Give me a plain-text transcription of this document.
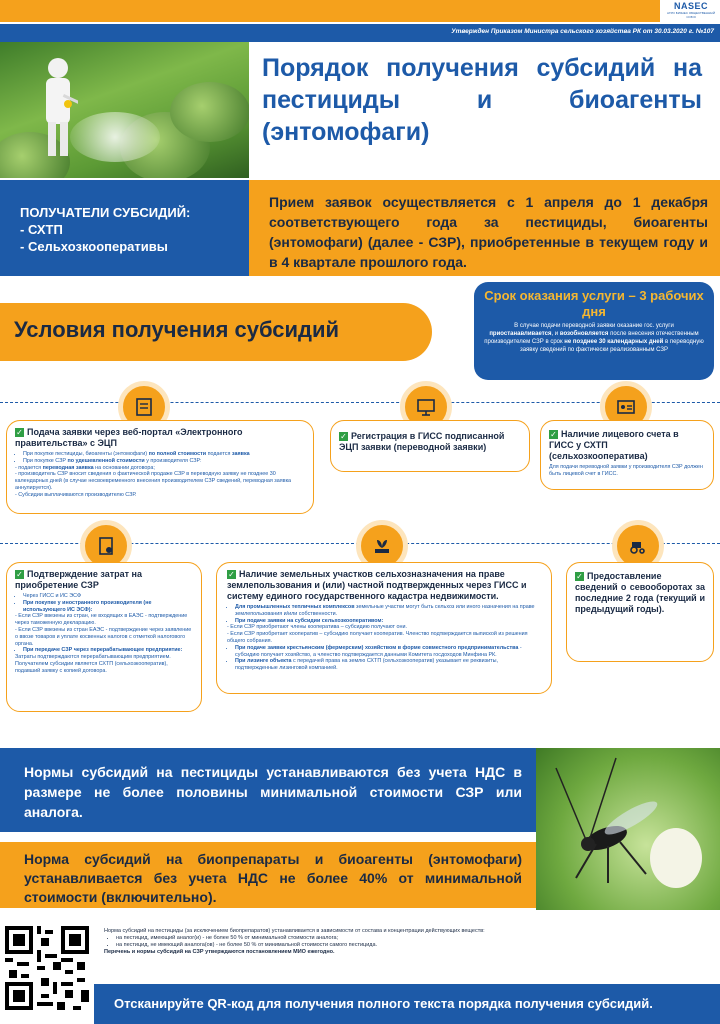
NASEC
АГРО БИЗНЕС ОБЩЕСТВЕННЫЙ СОЮЗ
Утвержден Приказом Министра сельского хозяйства РК от 30.03.2020 г. №107
Порядок получения субсидий на пестициды и биоагенты (энтомофаги)

ПОЛУЧАТЕЛИ СУБСИДИЙ:

- СХТП

- Сельхозкооперативы

Прием заявок осуществляется с 1 апреля до 1 декабря соответствующего года за пестициды, биоагенты (энтомофаги) (далее - СЗР), приобретенные в текущем году и в 4 квартале прошлого года.

Условия получения субсидий
Срок оказания услуги – 3 рабочих дня

В случае подачи переводной заявки оказание гос. услуги приостанавливается, и возобновляется после внесения отечественным производителем СЗР в срок не позднее 30 календарных дней в переводную заявку сведений по фактически реализованным СЗР

✓ Подача заявки через веб-портал «Электронного правительства» с ЭЦП
• При покупке пестициды, биоагенты (энтомофаги) по полной стоимости подается заявка
• При покупке СЗР по удешевленной стоимости у производителя СЗР:

- подается переводная заявка на основании договора;

- производитель СЗР вносит сведения о фактической продаже СЗР в переводную заявку не позднее 30 календарных дней (в случае несвоевременного внесения производителем СЗР сведений, переводная заявка аннулируется).

- Субсидии выплачиваются производителю СЗР.

✓ Регистрация в ГИСС подписанной ЭЦП заявки (переводной заявки)
✓ Наличие лицевого счета в ГИСС у СХТП (сельхозкооператива)

Для подачи переводной заявки у производителя СЗР должен быть лицевой счет в ГИСС.

✓ Подтверждение затрат на приобретение СЗР
• Через ГИСС и ИС ЭСФ
• При покупке у иностранного производителя (не использующего ИС ЭСФ):

- Если СЗР ввезены из стран, не входящих в ЕАЭС - подтверждение через таможенную декларацию.

- Если СЗР ввезены из стран ЕАЭС - подтверждение через заявление о ввозе товаров и уплате косвенных налогов с отметкой налогового органа.

• При передаче СЗР через перерабатывающее предприятие:

Затраты подтверждаются перерабатывающим предприятием. Получателем субсидии является СХТП (сельхозкооператив), подавший заявку с копией договора.

✓ Наличие земельных участков сельхозназначения на праве землепользования и (или) частной подтвержденных через ГИСС и систему единого государственного кадастра недвижимости.
• Для промышленных тепличных комплексов земельные участки могут быть сельхоз или иного назначения на праве землепользования и/или собственности.
• При подаче заявки на субсидии сельхозкооперативом:

- Если СЗР приобретают члены кооператива – субсидию получают они.

- Если СЗР приобретает кооператив – субсидию получает кооператив. Членство подтверждается выпиской из решения общего собрания.

• При подаче заявки крестьянским (фермерским) хозяйством в форме совместного предпринимательства - субсидию получает хозяйство, а членство подтверждается данными Комитета госдоходов Минфина РК.
• При лизинге объекта с передачей права на землю СХТП (сельхозкооператив) указывает ее реквизиты, подтвержденные лизинговой компанией.
✓ Предоставление сведений о севооборотах за последние 2 года (текущий и предыдущий годы).

Нормы субсидий на пестициды устанавливаются без учета НДС в размере не более половины минимальной стоимости СЗР или аналога.

Норма субсидий на биопрепараты и биоагенты (энтомофаги) устанавливается без учета НДС не более 40% от минимальной стоимости (включительно).

Норма субсидий на пестициды (за исключением биопрепаратов) устанавливается в зависимости от состава и концентрации действующих веществ:

• на пестицид, имеющий аналог(и) - не более 50 % от минимальной стоимости аналога;
• на пестицид, не имеющий аналога(ов) - не более 50 % от минимальной стоимости самого пестицида.

Перечень и нормы субсидий на СЗР утверждаются постановлением МИО ежегодно.

Отсканируйте QR-код для получения полного текста порядка получения субсидий.
